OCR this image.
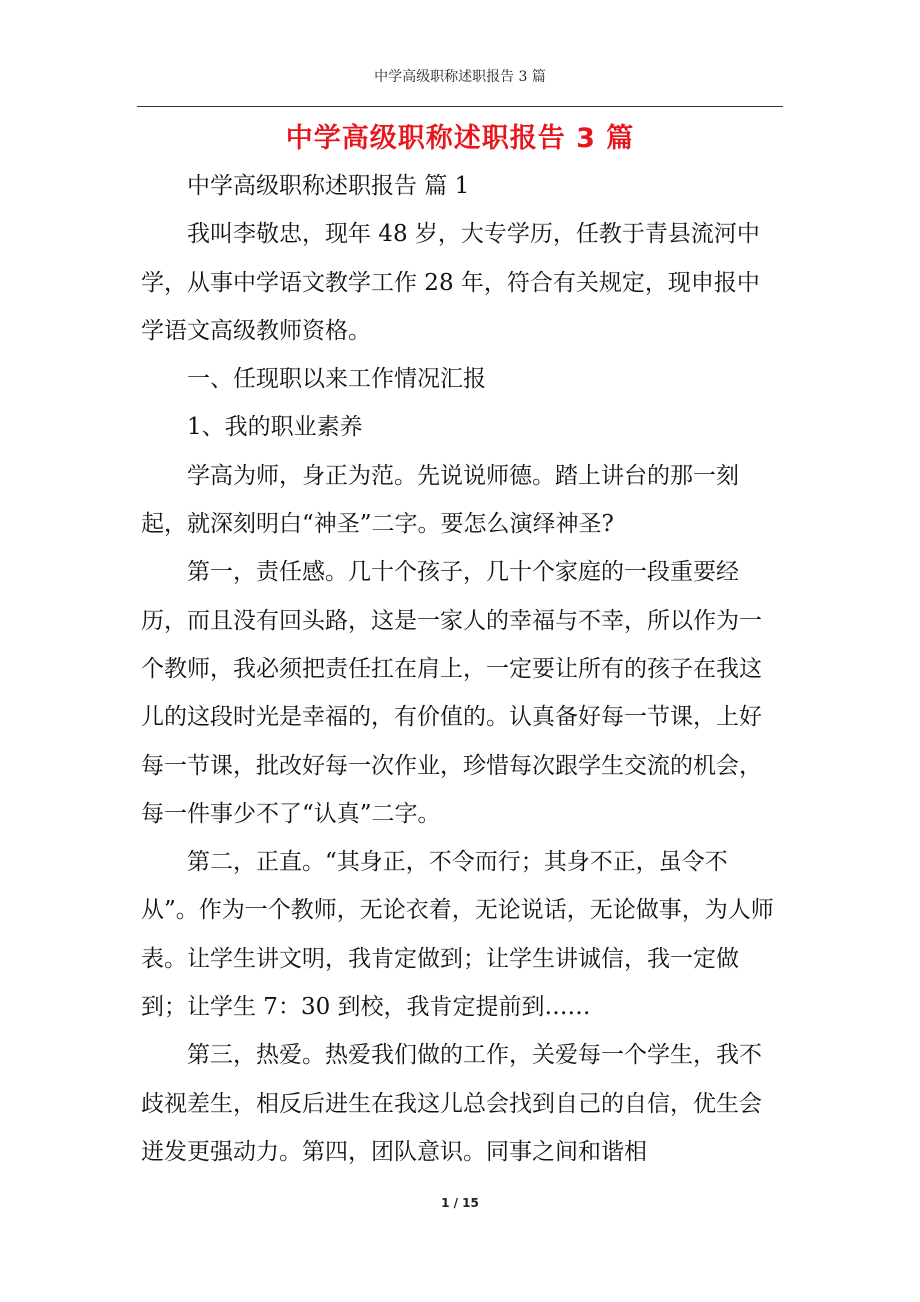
中学高级职称述职报告 3 篇
中学高级职称述职报告 3 篇

中学高级职称述职报告 篇 1

我叫李敬忠，现年 48 岁，大专学历，任教于青县流河中学，从事中学语文教学工作 28 年，符合有关规定，现申报中学语文高级教师资格。

一、任现职以来工作情况汇报

1、我的职业素养

学高为师，身正为范。先说说师德。踏上讲台的那一刻起，就深刻明白“神圣”二字。要怎么演绎神圣?

第一，责任感。几十个孩子，几十个家庭的一段重要经历，而且没有回头路，这是一家人的幸福与不幸，所以作为一个教师，我必须把责任扛在肩上，一定要让所有的孩子在我这儿的这段时光是幸福的，有价值的。认真备好每一节课，上好每一节课，批改好每一次作业，珍惜每次跟学生交流的机会，每一件事少不了“认真”二字。

第二，正直。“其身正，不令而行；其身不正，虽令不从”。作为一个教师，无论衣着，无论说话，无论做事，为人师表。让学生讲文明，我肯定做到；让学生讲诚信，我一定做到；让学生 7：30 到校，我肯定提前到……

第三，热爱。热爱我们做的工作，关爱每一个学生，我不歧视差生，相反后进生在我这儿总会找到自己的自信，优生会迸发更强动力。第四，团队意识。同事之间和谐相

1 / 15
